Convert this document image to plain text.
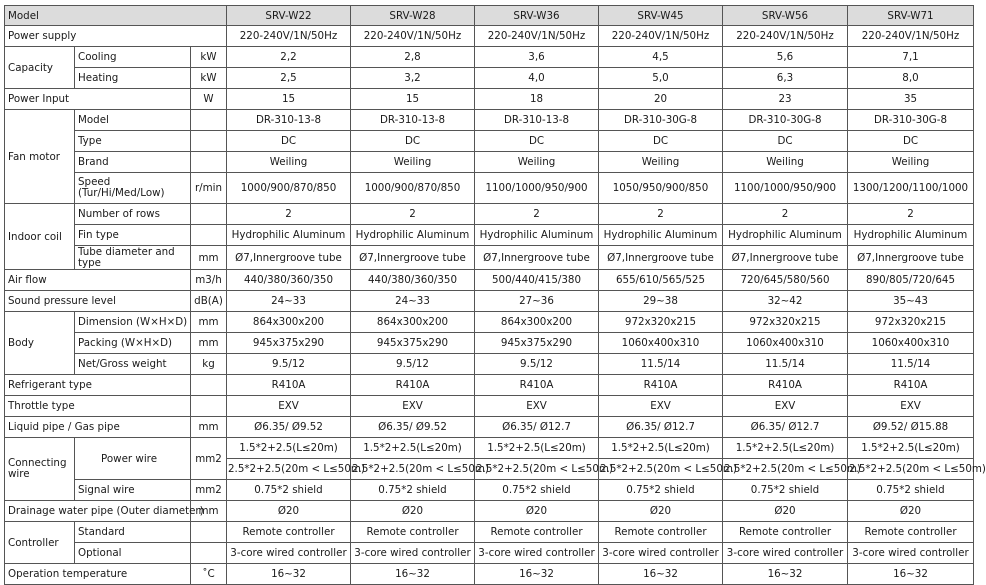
Model			SRV-W22	SRV-W28	SRV-W36	SRV-W45	SRV-W56	SRV-W71
Power supply			220-240V/1N/50Hz	220-240V/1N/50Hz	220-240V/1N/50Hz	220-240V/1N/50Hz	220-240V/1N/50Hz	220-240V/1N/50Hz
Capacity	Cooling	kW	2,2	2,8	3,6	4,5	5,6	7,1
	Heating	kW	2,5	3,2	4,0	5,0	6,3	8,0
Power Input		W	15	15	18	20	23	35
Fan motor	Model		DR-310-13-8	DR-310-13-8	DR-310-13-8	DR-310-30G-8	DR-310-30G-8	DR-310-30G-8
	Type		DC	DC	DC	DC	DC	DC
	Brand		Weiling	Weiling	Weiling	Weiling	Weiling	Weiling
	Speed
(Tur/Hi/Med/Low)	r/min	1000/900/870/850	1000/900/870/850	1100/1000/950/900	1050/950/900/850	1100/1000/950/900	1300/1200/1100/1000
Indoor coil	Number of rows		2	2	2	2	2	2
	Fin type		Hydrophilic Aluminum	Hydrophilic Aluminum	Hydrophilic Aluminum	Hydrophilic Aluminum	Hydrophilic Aluminum	Hydrophilic Aluminum
	Tube diameter and type	mm	Ø7,Innergroove tube	Ø7,Innergroove tube	Ø7,Innergroove tube	Ø7,Innergroove tube	Ø7,Innergroove tube	Ø7,Innergroove tube
Air flow		m3/h	440/380/360/350	440/380/360/350	500/440/415/380	655/610/565/525	720/645/580/560	890/805/720/645
Sound pressure level		dB(A)	24~33	24~33	27~36	29~38	32~42	35~43
Body	Dimension (W×H×D)	mm	864x300x200	864x300x200	864x300x200	972x320x215	972x320x215	972x320x215
	Packing (W×H×D)	mm	945x375x290	945x375x290	945x375x290	1060x400x310	1060x400x310	1060x400x310
	Net/Gross weight	kg	9.5/12	9.5/12	9.5/12	11.5/14	11.5/14	11.5/14
Refrigerant type			R410A	R410A	R410A	R410A	R410A	R410A
Throttle type			EXV	EXV	EXV	EXV	EXV	EXV
Liquid pipe / Gas pipe		mm	Ø6.35/ Ø9.52	Ø6.35/ Ø9.52	Ø6.35/ Ø12.7	Ø6.35/ Ø12.7	Ø6.35/ Ø12.7	Ø9.52/ Ø15.88
Connecting
wire	Power wire	mm2	1.5*2+2.5(L≤20m)	1.5*2+2.5(L≤20m)	1.5*2+2.5(L≤20m)	1.5*2+2.5(L≤20m)	1.5*2+2.5(L≤20m)	1.5*2+2.5(L≤20m)
			2.5*2+2.5(20m < L≤50m)	2.5*2+2.5(20m < L≤50m)	2.5*2+2.5(20m < L≤50m)	2.5*2+2.5(20m < L≤50m)	2.5*2+2.5(20m < L≤50m)	2.5*2+2.5(20m < L≤50m)
	Signal wire	mm2	0.75*2 shield	0.75*2 shield	0.75*2 shield	0.75*2 shield	0.75*2 shield	0.75*2 shield
Drainage water pipe (Outer diameter)		mm	Ø20	Ø20	Ø20	Ø20	Ø20	Ø20
Controller	Standard		Remote controller	Remote controller	Remote controller	Remote controller	Remote controller	Remote controller
	Optional		3-core wired controller	3-core wired controller	3-core wired controller	3-core wired controller	3-core wired controller	3-core wired controller
Operation temperature		˚C	16~32	16~32	16~32	16~32	16~32	16~32
